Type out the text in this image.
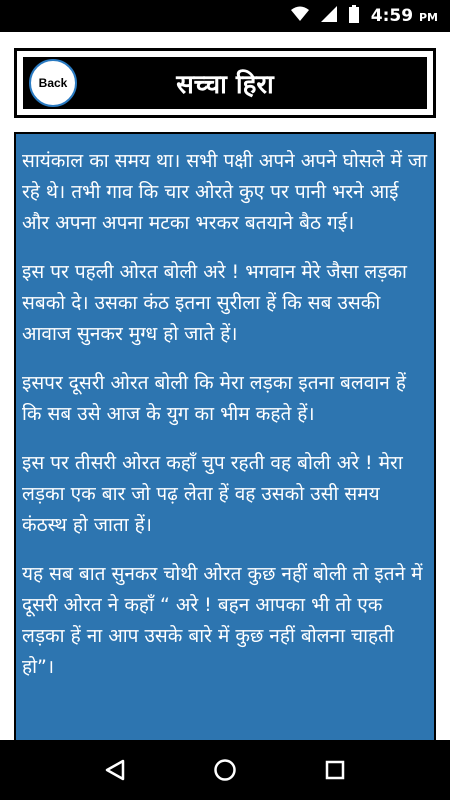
4:59 PM
Back	सच्चा हिरा

सायंकाल का समय था। सभी पक्षी अपने अपने घोसले में जा रहे थे। तभी गाव कि चार ओरते कुए पर पानी भरने आई और अपना अपना मटका भरकर बतयाने बैठ गई।

इस पर पहली ओरत बोली अरे ! भगवान मेरे जैसा लड़का सबको दे। उसका कंठ इतना सुरीला हें कि सब उसकी आवाज सुनकर मुग्ध हो जाते हें।

इसपर दूसरी ओरत बोली कि मेरा लड़का इतना बलवान हें कि सब उसे आज के युग का भीम कहते हें।

इस पर तीसरी ओरत कहाँ चुप रहती वह बोली अरे ! मेरा लड़का एक बार जो पढ़ लेता हें वह उसको उसी समय कंठस्थ हो जाता हें।

यह सब बात सुनकर चोथी ओरत कुछ नहीं बोली तो इतने में दूसरी ओरत ने कहाँ “ अरे ! बहन आपका भी तो एक लड़का हें ना आप उसके बारे में कुछ नहीं बोलना चाहती हो”।
